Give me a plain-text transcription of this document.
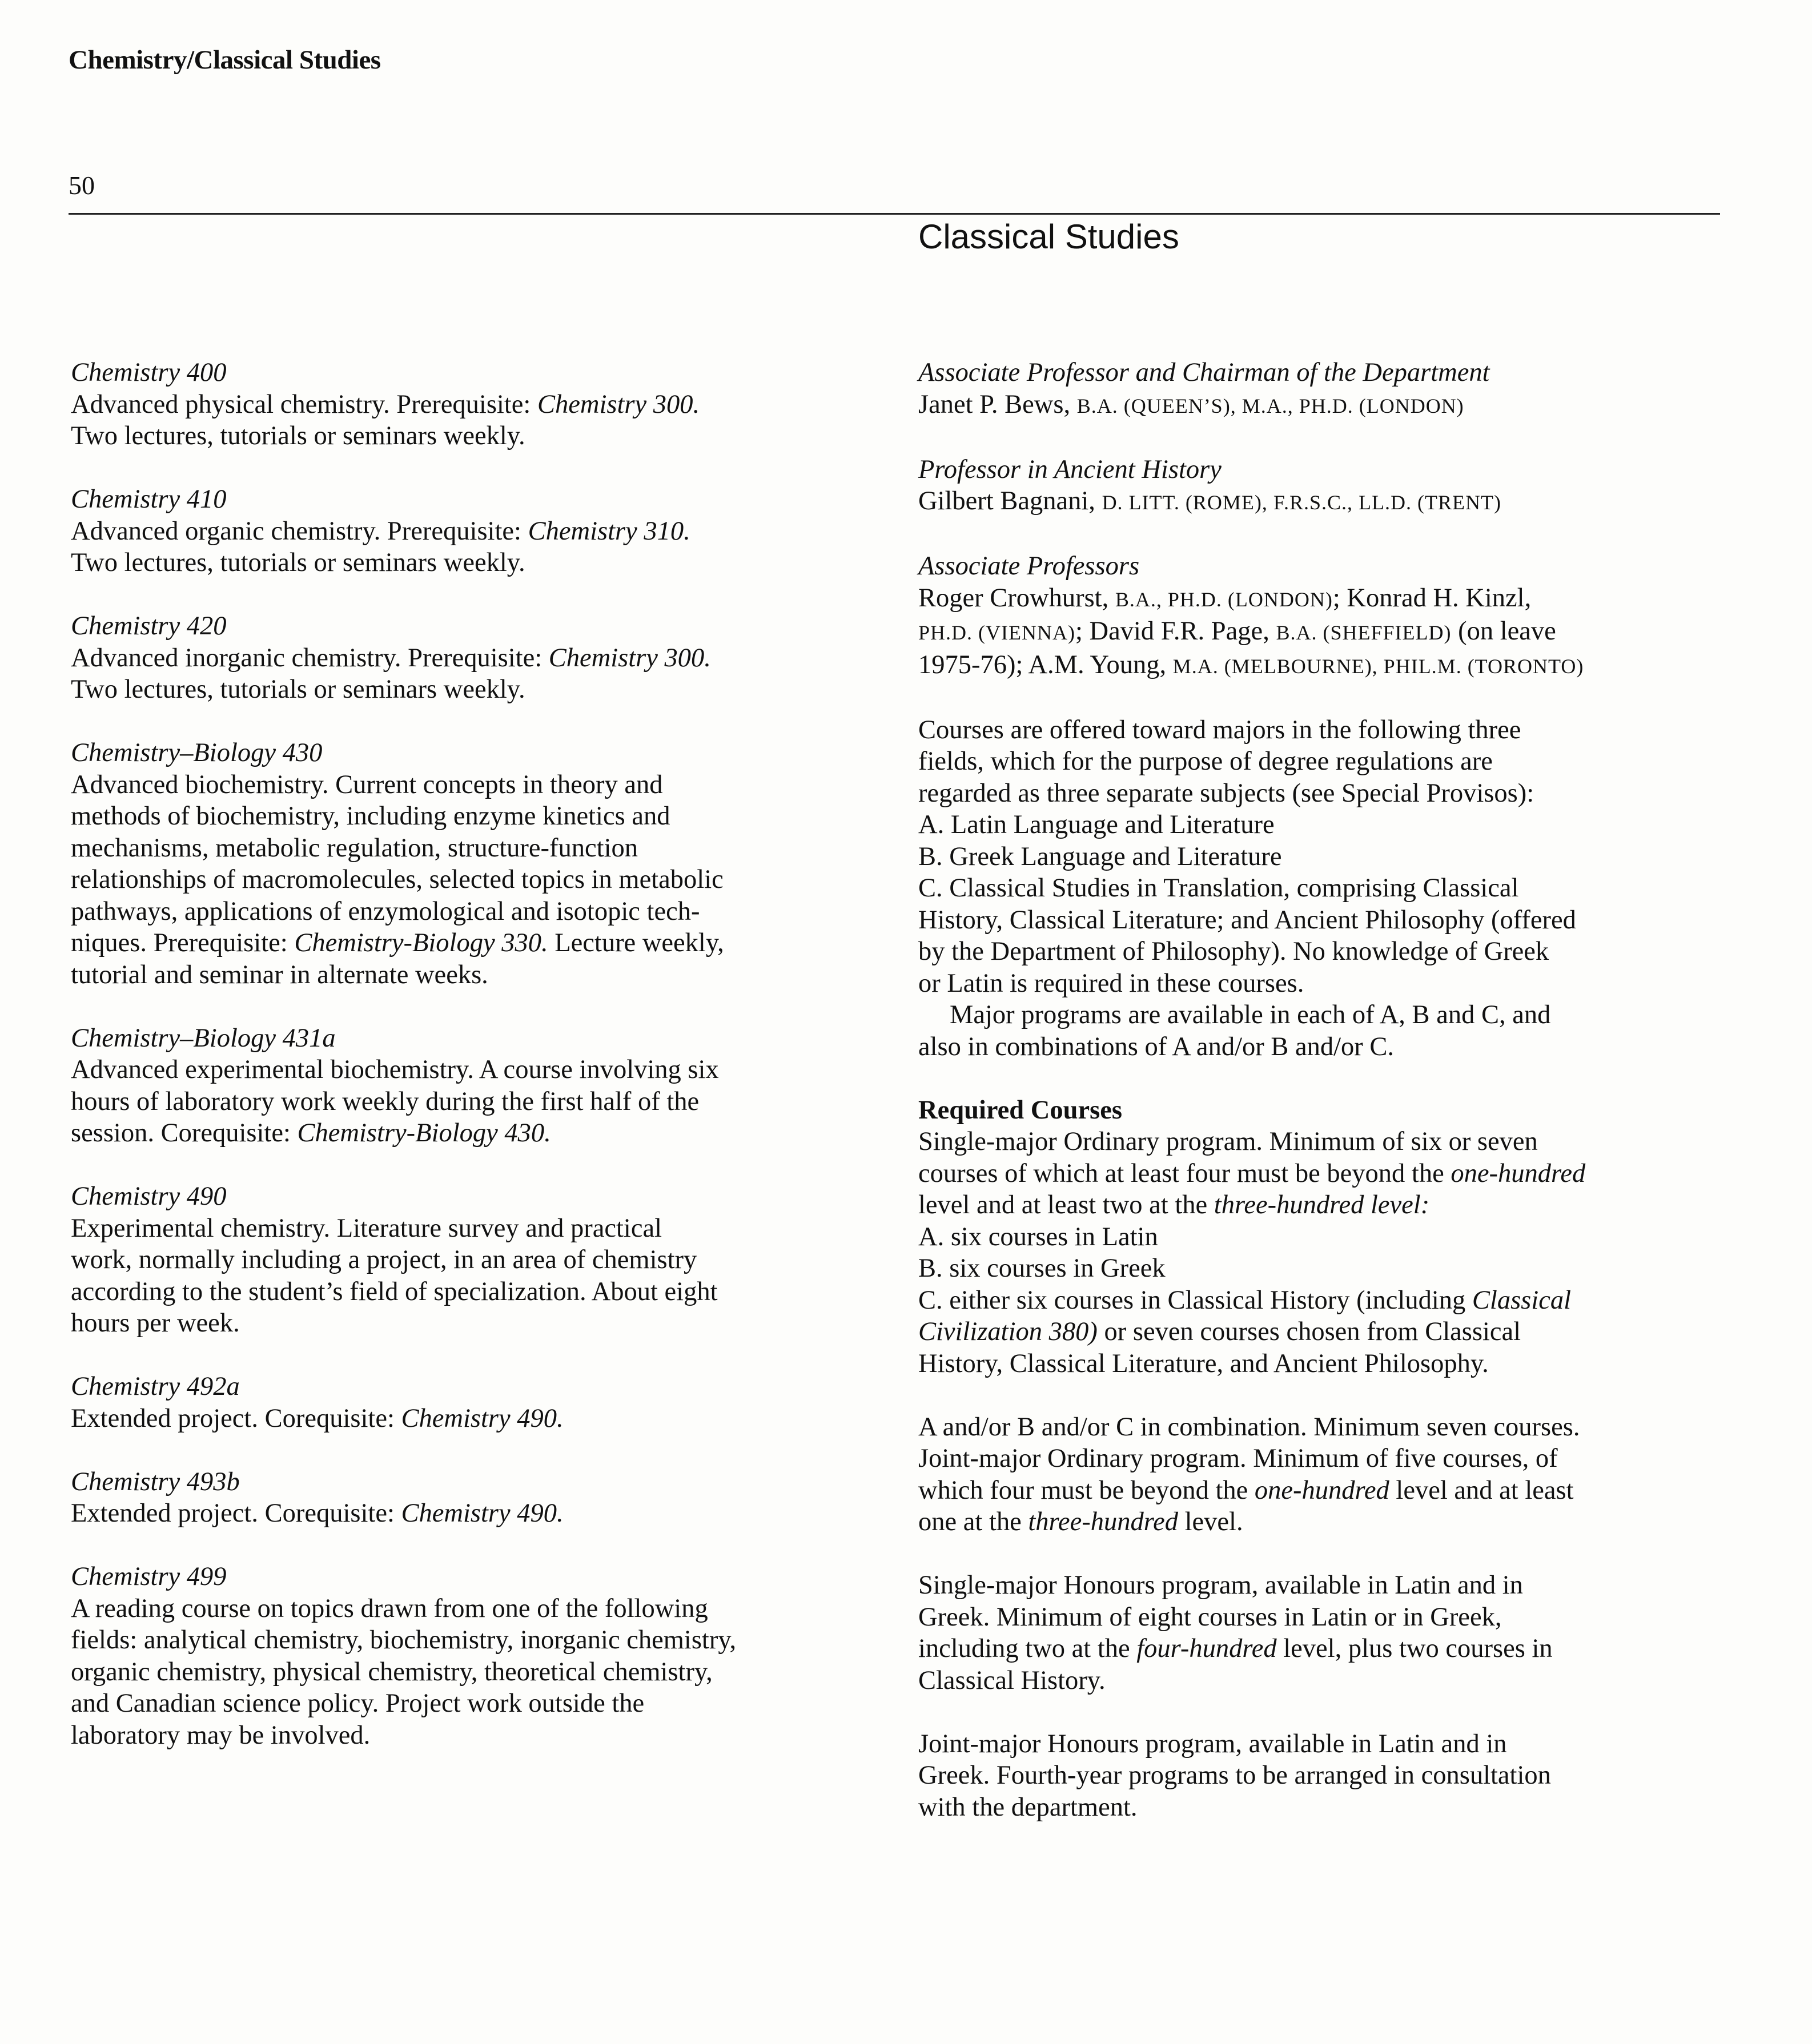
Chemistry/Classical Studies
50
Classical Studies
Chemistry 400
Advanced physical chemistry. Prerequisite: Chemistry 300.
Two lectures, tutorials or seminars weekly.
Chemistry 410
Advanced organic chemistry. Prerequisite: Chemistry 310.
Two lectures, tutorials or seminars weekly.
Chemistry 420
Advanced inorganic chemistry. Prerequisite: Chemistry 300.
Two lectures, tutorials or seminars weekly.
Chemistry–Biology 430
Advanced biochemistry. Current concepts in theory and
methods of biochemistry, including enzyme kinetics and
mechanisms, metabolic regulation, structure-function
relationships of macromolecules, selected topics in metabolic
pathways, applications of enzymological and isotopic tech-
niques. Prerequisite: Chemistry-Biology 330. Lecture weekly,
tutorial and seminar in alternate weeks.
Chemistry–Biology 431a
Advanced experimental biochemistry. A course involving six
hours of laboratory work weekly during the first half of the
session. Corequisite: Chemistry-Biology 430.
Chemistry 490
Experimental chemistry. Literature survey and practical
work, normally including a project, in an area of chemistry
according to the student’s field of specialization. About eight
hours per week.
Chemistry 492a
Extended project. Corequisite: Chemistry 490.
Chemistry 493b
Extended project. Corequisite: Chemistry 490.
Chemistry 499
A reading course on topics drawn from one of the following
fields: analytical chemistry, biochemistry, inorganic chemistry,
organic chemistry, physical chemistry, theoretical chemistry,
and Canadian science policy. Project work outside the
laboratory may be involved.
Associate Professor and Chairman of the Department
Janet P. Bews, B.A. (QUEEN’S), M.A., PH.D. (LONDON)
Professor in Ancient History
Gilbert Bagnani, D. LITT. (ROME), F.R.S.C., LL.D. (TRENT)
Associate Professors
Roger Crowhurst, B.A., PH.D. (LONDON); Konrad H. Kinzl,
PH.D. (VIENNA); David F.R. Page, B.A. (SHEFFIELD) (on leave
1975-76); A.M. Young, M.A. (MELBOURNE), PHIL.M. (TORONTO)
Courses are offered toward majors in the following three
fields, which for the purpose of degree regulations are
regarded as three separate subjects (see Special Provisos):
A. Latin Language and Literature
B. Greek Language and Literature
C. Classical Studies in Translation, comprising Classical
History, Classical Literature; and Ancient Philosophy (offered
by the Department of Philosophy). No knowledge of Greek
or Latin is required in these courses.
Major programs are available in each of A, B and C, and
also in combinations of A and/or B and/or C.
Required Courses
Single-major Ordinary program. Minimum of six or seven
courses of which at least four must be beyond the one-hundred
level and at least two at the three-hundred level:
A. six courses in Latin
B. six courses in Greek
C. either six courses in Classical History (including Classical
Civilization 380) or seven courses chosen from Classical
History, Classical Literature, and Ancient Philosophy.
A and/or B and/or C in combination. Minimum seven courses.
Joint-major Ordinary program. Minimum of five courses, of
which four must be beyond the one-hundred level and at least
one at the three-hundred level.
Single-major Honours program, available in Latin and in
Greek. Minimum of eight courses in Latin or in Greek,
including two at the four-hundred level, plus two courses in
Classical History.
Joint-major Honours program, available in Latin and in
Greek. Fourth-year programs to be arranged in consultation
with the department.
